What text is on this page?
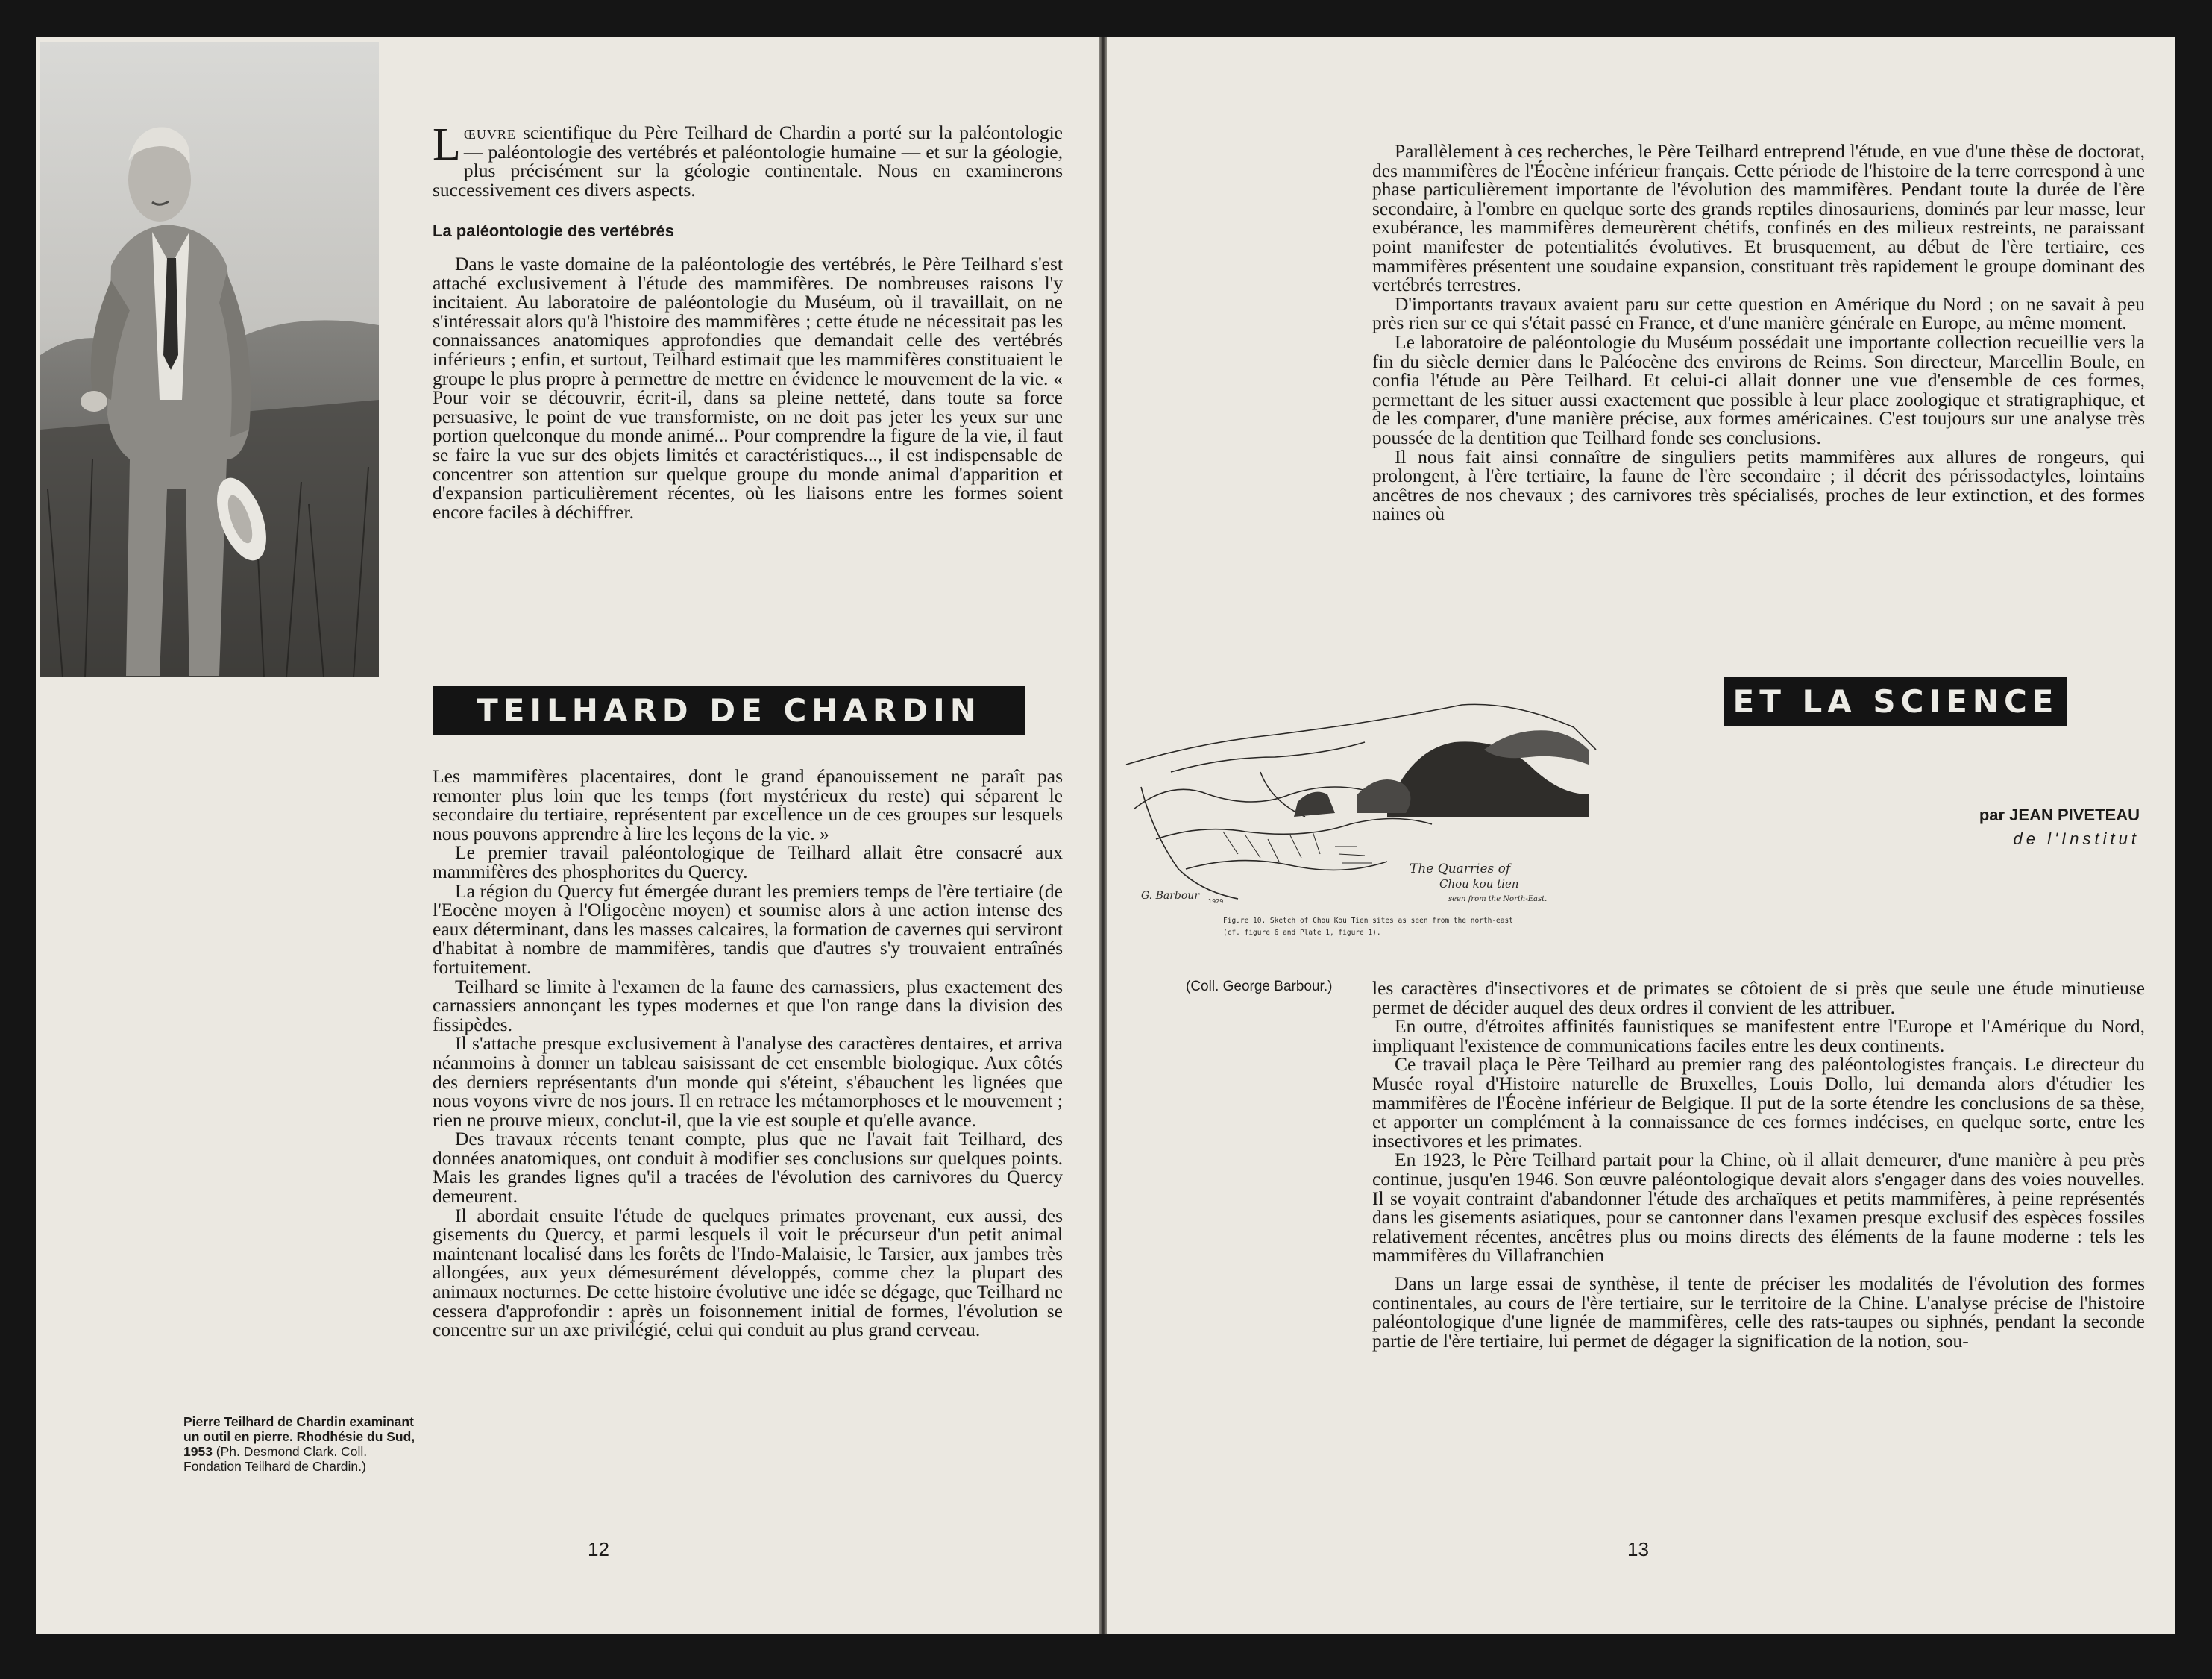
Lœuvre scientifique du Père Teilhard de Chardin a porté sur la paléontologie — paléontologie des vertébrés et paléontologie humaine — et sur la géologie, plus précisément sur la géologie continentale. Nous en examinerons successivement ces divers aspects.

La paléontologie des vertébrés

Dans le vaste domaine de la paléontologie des vertébrés, le Père Teilhard s'est attaché exclusivement à l'étude des mammifères. De nombreuses raisons l'y incitaient. Au laboratoire de paléontologie du Muséum, où il travaillait, on ne s'intéressait alors qu'à l'histoire des mammifères ; cette étude ne nécessitait pas les connaissances anatomiques approfondies que demandait celle des vertébrés inférieurs ; enfin, et surtout, Teilhard estimait que les mammifères constituaient le groupe le plus propre à permettre de mettre en évidence le mouvement de la vie. « Pour voir se découvrir, écrit-il, dans sa pleine netteté, dans toute sa force persuasive, le point de vue transformiste, on ne doit pas jeter les yeux sur une portion quelconque du monde animé... Pour comprendre la figure de la vie, il faut se faire la vue sur des objets limités et caractéristiques..., il est indispensable de concentrer son attention sur quelque groupe du monde animal d'apparition et d'expansion particulièrement récentes, où les liaisons entre les formes soient encore faciles à déchiffrer.

TEILHARD DE CHARDIN

Les mammifères placentaires, dont le grand épanouissement ne paraît pas remonter plus loin que les temps (fort mystérieux du reste) qui séparent le secondaire du tertiaire, représentent par excellence un de ces groupes sur lesquels nous pouvons apprendre à lire les leçons de la vie. »

Le premier travail paléontologique de Teilhard allait être consacré aux mammifères des phosphorites du Quercy.

La région du Quercy fut émergée durant les premiers temps de l'ère tertiaire (de l'Eocène moyen à l'Oligocène moyen) et soumise alors à une action intense des eaux déterminant, dans les masses calcaires, la formation de cavernes qui serviront d'habitat à nombre de mammifères, tandis que d'autres s'y trouvaient entraînés fortuitement.

Teilhard se limite à l'examen de la faune des carnassiers, plus exactement des carnassiers annonçant les types modernes et que l'on range dans la division des fissipèdes.

Il s'attache presque exclusivement à l'analyse des caractères dentaires, et arriva néanmoins à donner un tableau saisissant de cet ensemble biologique. Aux côtés des derniers représentants d'un monde qui s'éteint, s'ébauchent les lignées que nous voyons vivre de nos jours. Il en retrace les métamorphoses et le mouvement ; rien ne prouve mieux, conclut-il, que la vie est souple et qu'elle avance.

Des travaux récents tenant compte, plus que ne l'avait fait Teilhard, des données anatomiques, ont conduit à modifier ses conclusions sur quelques points. Mais les grandes lignes qu'il a tracées de l'évolution des carnivores du Quercy demeurent.

Il abordait ensuite l'étude de quelques primates provenant, eux aussi, des gisements du Quercy, et parmi lesquels il voit le précurseur d'un petit animal maintenant localisé dans les forêts de l'Indo-Malaisie, le Tarsier, aux jambes très allongées, aux yeux démesurément développés, comme chez la plupart des animaux nocturnes. De cette histoire évolutive une idée se dégage, que Teilhard ne cessera d'approfondir : après un foisonnement initial de formes, l'évolution se concentre sur un axe privilégié, celui qui conduit au plus grand cerveau.

Pierre Teilhard de Chardin examinant un outil en pierre. Rhodhésie du Sud, 1953 (Ph. Desmond Clark. Coll. Fondation Teilhard de Chardin.)
12

Parallèlement à ces recherches, le Père Teilhard entreprend l'étude, en vue d'une thèse de doctorat, des mammifères de l'Éocène inférieur français. Cette période de l'histoire de la terre correspond à une phase particulièrement importante de l'évolution des mammifères. Pendant toute la durée de l'ère secondaire, à l'ombre en quelque sorte des grands reptiles dinosauriens, dominés par leur masse, leur exubérance, les mammifères demeurèrent chétifs, confinés en des milieux restreints, ne paraissant point manifester de potentialités évolutives. Et brusquement, au début de l'ère tertiaire, ces mammifères présentent une soudaine expansion, constituant très rapidement le groupe dominant des vertébrés terrestres.

D'importants travaux avaient paru sur cette question en Amérique du Nord ; on ne savait à peu près rien sur ce qui s'était passé en France, et d'une manière générale en Europe, au même moment.

Le laboratoire de paléontologie du Muséum possédait une importante collection recueillie vers la fin du siècle dernier dans le Paléocène des environs de Reims. Son directeur, Marcellin Boule, en confia l'étude au Père Teilhard. Et celui-ci allait donner une vue d'ensemble de ces formes, permettant de les situer aussi exactement que possible à leur place zoologique et stratigraphique, et de les comparer, d'une manière précise, aux formes américaines. C'est toujours sur une analyse très poussée de la dentition que Teilhard fonde ses conclusions.

Il nous fait ainsi connaître de singuliers petits mammifères aux allures de rongeurs, qui prolongent, à l'ère tertiaire, la faune de l'ère secondaire ; il décrit des périssodactyles, lointains ancêtres de nos chevaux ; des carnivores très spécialisés, proches de leur extinction, et des formes naines où

ET LA SCIENCE
par JEAN PIVETEAU
de l'Institut
G. Barbour 1929
The Quarries of
Chou kou tien
seen from the North-East.
Figure 10. Sketch of Chou Kou Tien sites as seen from the north-east
(cf. figure 6 and Plate 1, figure 1).
(Coll. George Barbour.) les caractères d'insectivores et de primates se côtoient de si près que seule une étude minutieuse permet de décider auquel des deux ordres il convient de les attribuer.

En outre, d'étroites affinités faunistiques se manifestent entre l'Europe et l'Amérique du Nord, impliquant l'existence de communications faciles entre les deux continents.

Ce travail plaça le Père Teilhard au premier rang des paléontologistes français. Le directeur du Musée royal d'Histoire naturelle de Bruxelles, Louis Dollo, lui demanda alors d'étudier les mammifères de l'Éocène inférieur de Belgique. Il put de la sorte étendre les conclusions de sa thèse, et apporter un complément à la connaissance de ces formes indécises, en quelque sorte, entre les insectivores et les primates.

En 1923, le Père Teilhard partait pour la Chine, où il allait demeurer, d'une manière à peu près continue, jusqu'en 1946. Son œuvre paléontologique devait alors s'engager dans des voies nouvelles. Il se voyait contraint d'abandonner l'étude des archaïques et petits mammifères, à peine représentés dans les gisements asiatiques, pour se cantonner dans l'examen presque exclusif des espèces fossiles relativement récentes, ancêtres plus ou moins directs des éléments de la faune moderne : tels les mammifères du Villafranchien

Dans un large essai de synthèse, il tente de préciser les modalités de l'évolution des formes continentales, au cours de l'ère tertiaire, sur le territoire de la Chine. L'analyse précise de l'histoire paléontologique d'une lignée de mammifères, celle des rats-taupes ou siphnés, pendant la seconde partie de l'ère tertiaire, lui permet de dégager la signification de la notion, sou-

13
